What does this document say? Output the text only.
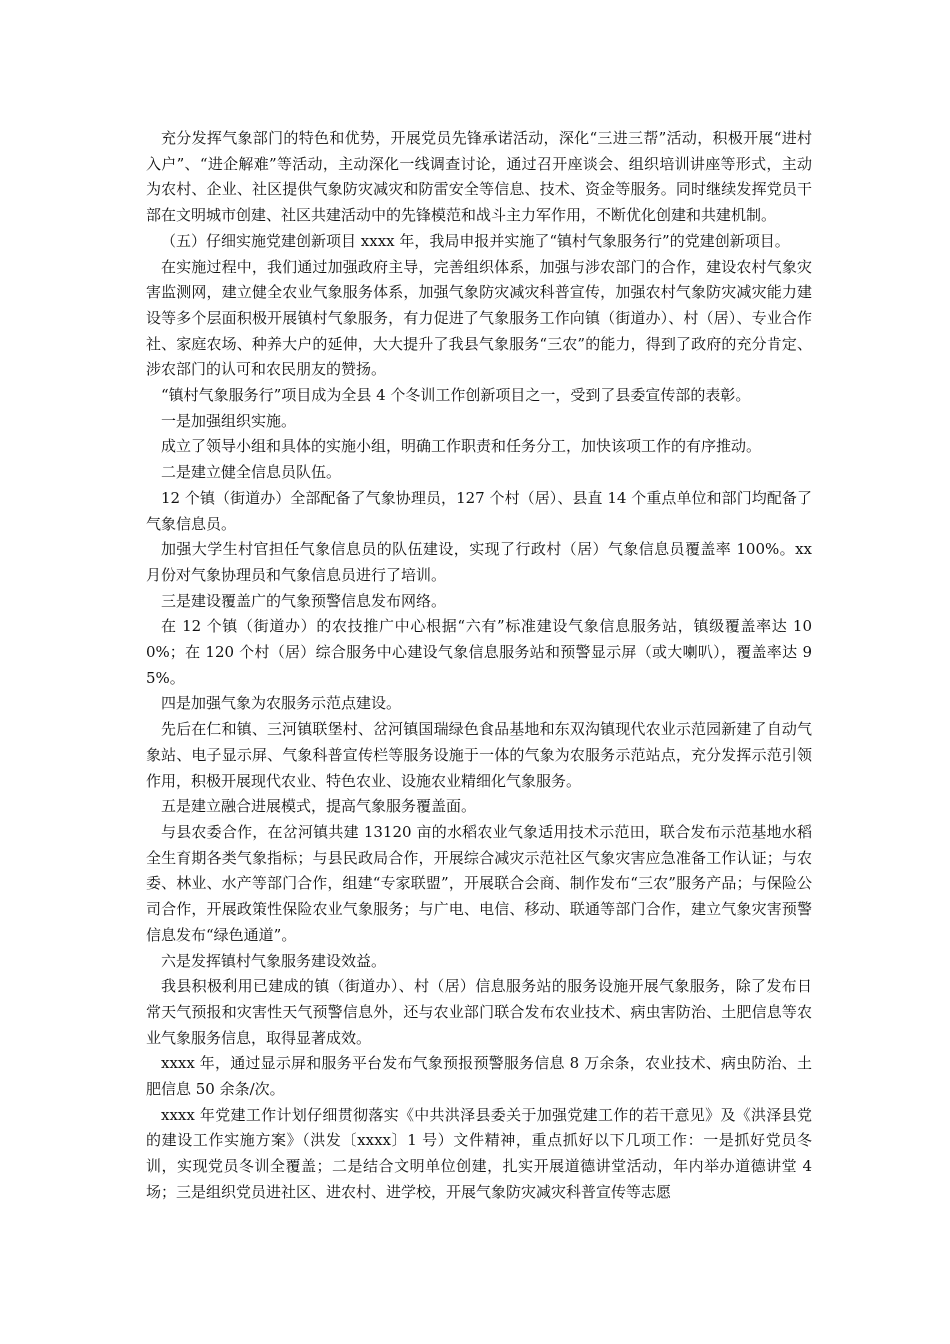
充分发挥气象部门的特色和优势，开展党员先锋承诺活动，深化“三进三帮”活动，积极开展“进村入户”、“进企解难”等活动，主动深化一线调查讨论，通过召开座谈会、组织培训讲座等形式，主动为农村、企业、社区提供气象防灾减灾和防雷安全等信息、技术、资金等服务。同时继续发挥党员干部在文明城市创建、社区共建活动中的先锋模范和战斗主力军作用，不断优化创建和共建机制。

（五）仔细实施党建创新项目 xxxx 年，我局申报并实施了“镇村气象服务行”的党建创新项目。

在实施过程中，我们通过加强政府主导，完善组织体系，加强与涉农部门的合作，建设农村气象灾害监测网，建立健全农业气象服务体系，加强气象防灾减灾科普宣传，加强农村气象防灾减灾能力建设等多个层面积极开展镇村气象服务，有力促进了气象服务工作向镇（街道办）、村（居）、专业合作社、家庭农场、种养大户的延伸，大大提升了我县气象服务“三农”的能力，得到了政府的充分肯定、涉农部门的认可和农民朋友的赞扬。

“镇村气象服务行”项目成为全县 4 个冬训工作创新项目之一，受到了县委宣传部的表彰。

一是加强组织实施。

成立了领导小组和具体的实施小组，明确工作职责和任务分工，加快该项工作的有序推动。

二是建立健全信息员队伍。

12 个镇（街道办）全部配备了气象协理员，127 个村（居）、县直 14 个重点单位和部门均配备了气象信息员。

加强大学生村官担任气象信息员的队伍建设，实现了行政村（居）气象信息员覆盖率 100%。xx 月份对气象协理员和气象信息员进行了培训。

三是建设覆盖广的气象预警信息发布网络。

在 12 个镇（街道办）的农技推广中心根据“六有”标准建设气象信息服务站，镇级覆盖率达 100%；在 120 个村（居）综合服务中心建设气象信息服务站和预警显示屏（或大喇叭），覆盖率达 95%。

四是加强气象为农服务示范点建设。

先后在仁和镇、三河镇联堡村、岔河镇国瑞绿色食品基地和东双沟镇现代农业示范园新建了自动气象站、电子显示屏、气象科普宣传栏等服务设施于一体的气象为农服务示范站点，充分发挥示范引领作用，积极开展现代农业、特色农业、设施农业精细化气象服务。

五是建立融合进展模式，提高气象服务覆盖面。

与县农委合作，在岔河镇共建 13120 亩的水稻农业气象适用技术示范田，联合发布示范基地水稻全生育期各类气象指标；与县民政局合作，开展综合减灾示范社区气象灾害应急准备工作认证；与农委、林业、水产等部门合作，组建“专家联盟”，开展联合会商、制作发布“三农”服务产品；与保险公司合作，开展政策性保险农业气象服务；与广电、电信、移动、联通等部门合作，建立气象灾害预警信息发布“绿色通道”。

六是发挥镇村气象服务建设效益。

我县积极利用已建成的镇（街道办）、村（居）信息服务站的服务设施开展气象服务，除了发布日常天气预报和灾害性天气预警信息外，还与农业部门联合发布农业技术、病虫害防治、土肥信息等农业气象服务信息，取得显著成效。

xxxx 年，通过显示屏和服务平台发布气象预报预警服务信息 8 万余条，农业技术、病虫防治、土肥信息 50 余条/次。

xxxx 年党建工作计划仔细贯彻落实《中共洪泽县委关于加强党建工作的若干意见》及《洪泽县党的建设工作实施方案》（洪发〔xxxx〕1 号）文件精神，重点抓好以下几项工作：一是抓好党员冬训，实现党员冬训全覆盖；二是结合文明单位创建，扎实开展道德讲堂活动，年内举办道德讲堂 4 场；三是组织党员进社区、进农村、进学校，开展气象防灾减灾科普宣传等志愿
